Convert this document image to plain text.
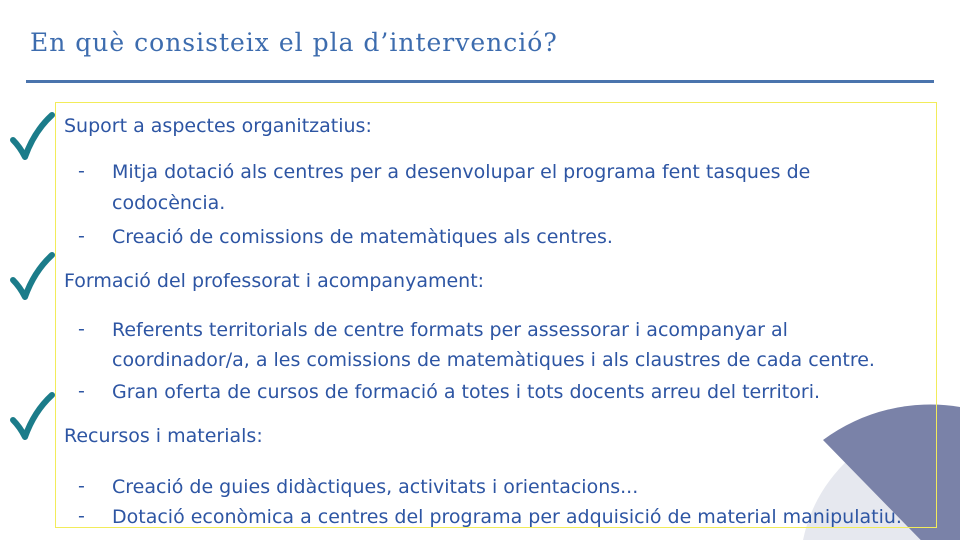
En què consisteix el pla d’intervenció?
Suport a aspectes organitzatius:
- Mitja dotació als centres per a desenvolupar el programa fent tasques de
codocència.
- Creació de comissions de matemàtiques als centres.
Formació del professorat i acompanyament:
- Referents territorials de centre formats per assessorar i acompanyar al
coordinador/a, a les comissions de matemàtiques i als claustres de cada centre.
- Gran oferta de cursos de formació a totes i tots docents arreu del territori.
Recursos i materials:
- Creació de guies didàctiques, activitats i orientacions...
- Dotació econòmica a centres del programa per adquisició de material manipulatiu.
